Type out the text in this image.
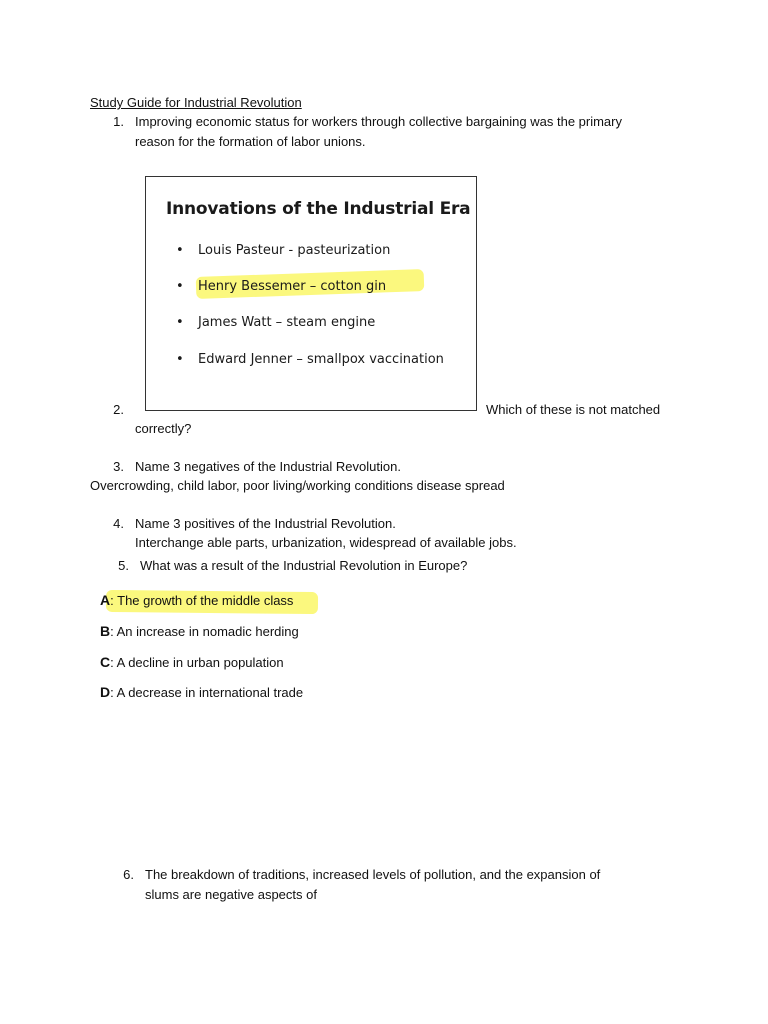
Study Guide for Industrial Revolution
1. Improving economic status for workers through collective bargaining was the primary
reason for the formation of labor unions.
Innovations of the Industrial Era
• Louis Pasteur - pasteurization
• Henry Bessemer – cotton gin
• James Watt – steam engine
• Edward Jenner – smallpox vaccination
2.	Which of these is not matched
correctly?
3. Name 3 negatives of the Industrial Revolution.
Overcrowding, child labor, poor living/working conditions disease spread
4. Name 3 positives of the Industrial Revolution.
Interchange able parts, urbanization, widespread of available jobs.
5. What was a result of the Industrial Revolution in Europe?
A: The growth of the middle class
B: An increase in nomadic herding
C: A decline in urban population
D: A decrease in international trade
6. The breakdown of traditions, increased levels of pollution, and the expansion of
slums are negative aspects of
